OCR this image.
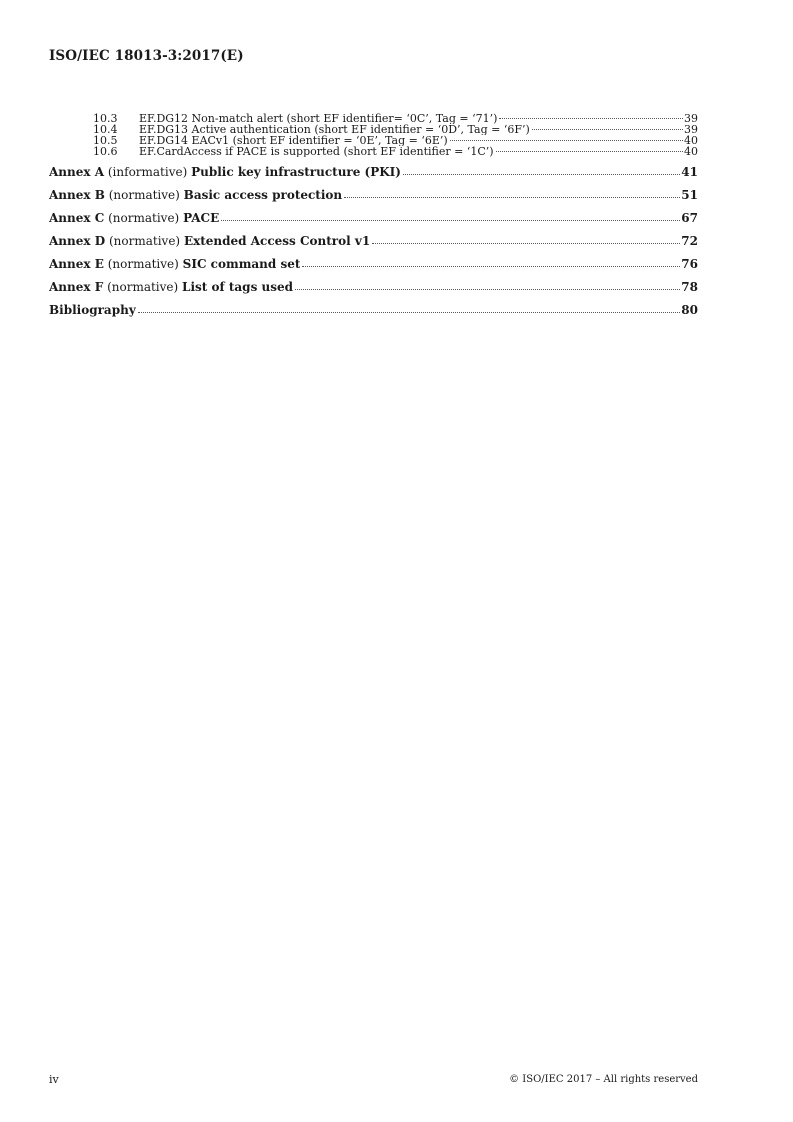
ISO/IEC 18013-3:2017(E)
10.3	EF.DG12 Non-match alert (short EF identifier= ‘0C’, Tag = ‘71’)	39
10.4	EF.DG13 Active authentication (short EF identifier = ‘0D’, Tag = ‘6F’)	39
10.5	EF.DG14 EACv1 (short EF identifier = ‘0E’, Tag = ‘6E’)	40
10.6	EF.CardAccess if PACE is supported (short EF identifier = ‘1C’)	40
Annex A (informative) Public key infrastructure (PKI)	41
Annex B (normative) Basic access protection	51
Annex C (normative) PACE	67
Annex D (normative) Extended Access Control v1	72
Annex E (normative) SIC command set	76
Annex F (normative) List of tags used	78
Bibliography	80
iv	© ISO/IEC 2017 – All rights reserved
